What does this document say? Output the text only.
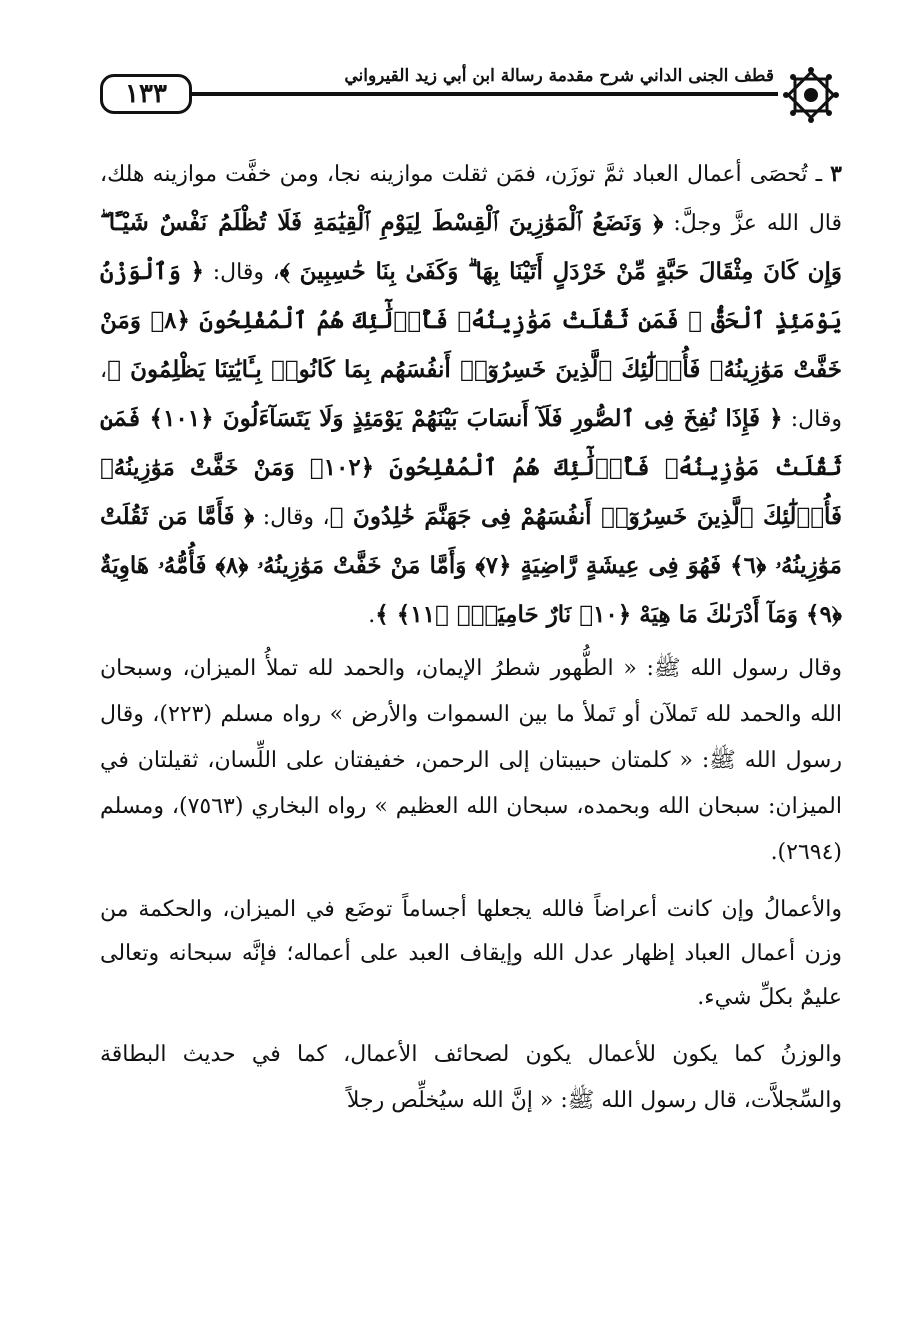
١٣٣
قطف الجنى الداني شرح مقدمة رسالة ابن أبي زيد القيرواني

٣ ـ تُحصَى أعمال العباد ثمَّ توزَن، فمَن ثقلت موازينه نجا، ومن خفَّت موازينه هلك، قال الله عزَّ وجلَّ: ﴿ وَنَضَعُ ٱلْمَوَٰزِينَ ٱلْقِسْطَ لِيَوْمِ ٱلْقِيَٰمَةِ فَلَا تُظْلَمُ نَفْسٌ شَيْـًٔا ۖ وَإِن كَانَ مِثْقَالَ حَبَّةٍ مِّنْ خَرْدَلٍ أَتَيْنَا بِهَا ۗ وَكَفَىٰ بِنَا حَٰسِبِينَ ﴾، وقال: ﴿ وَٱلْوَزْنُ يَوْمَئِذٍ ٱلْحَقُّ ۚ فَمَن ثَقُلَتْ مَوَٰزِينُهُۥ فَأُو۟لَٰٓئِكَ هُمُ ٱلْمُفْلِحُونَ ﴿٨﴾ وَمَنْ خَفَّتْ مَوَٰزِينُهُۥ فَأُو۟لَٰٓئِكَ ٱلَّذِينَ خَسِرُوٓا۟ أَنفُسَهُم بِمَا كَانُوا۟ بِـَٔايَٰتِنَا يَظْلِمُونَ ﴾، وقال: ﴿ فَإِذَا نُفِخَ فِى ٱلصُّورِ فَلَآ أَنسَابَ بَيْنَهُمْ يَوْمَئِذٍ وَلَا يَتَسَآءَلُونَ ﴿١٠١﴾ فَمَن ثَقُلَتْ مَوَٰزِينُهُۥ فَأُو۟لَٰٓئِكَ هُمُ ٱلْمُفْلِحُونَ ﴿١٠٢﴾ وَمَنْ خَفَّتْ مَوَٰزِينُهُۥ فَأُو۟لَٰٓئِكَ ٱلَّذِينَ خَسِرُوٓا۟ أَنفُسَهُمْ فِى جَهَنَّمَ خَٰلِدُونَ ﴾، وقال: ﴿ فَأَمَّا مَن ثَقُلَتْ مَوَٰزِينُهُۥ ﴿٦﴾ فَهُوَ فِى عِيشَةٍ رَّاضِيَةٍ ﴿٧﴾ وَأَمَّا مَنْ خَفَّتْ مَوَٰزِينُهُۥ ﴿٨﴾ فَأُمُّهُۥ هَاوِيَةٌ ﴿٩﴾ وَمَآ أَدْرَىٰكَ مَا هِيَهْ ﴿١٠﴾ نَارٌ حَامِيَةٌۢ ﴿١١﴾ ﴾.

وقال رسول الله ﷺ: « الطُّهور شطرُ الإيمان، والحمد لله تملأُ الميزان، وسبحان الله والحمد لله تَملآن أو تَملأ ما بين السموات والأرض » رواه مسلم (٢٢٣)، وقال رسول الله ﷺ: « كلمتان حبيبتان إلى الرحمن، خفيفتان على اللِّسان، ثقيلتان في الميزان: سبحان الله وبحمده، سبحان الله العظيم » رواه البخاري (٧٥٦٣)، ومسلم (٢٦٩٤).

والأعمالُ وإن كانت أعراضاً فالله يجعلها أجساماً توضَع في الميزان، والحكمة من وزن أعمال العباد إظهار عدل الله وإيقاف العبد على أعماله؛ فإنَّه سبحانه وتعالى عليمٌ بكلِّ شيء.

والوزنُ كما يكون للأعمال يكون لصحائف الأعمال، كما في حديث البطاقة والسِّجلاَّت، قال رسول الله ﷺ: « إنَّ الله سيُخلِّص رجلاً
